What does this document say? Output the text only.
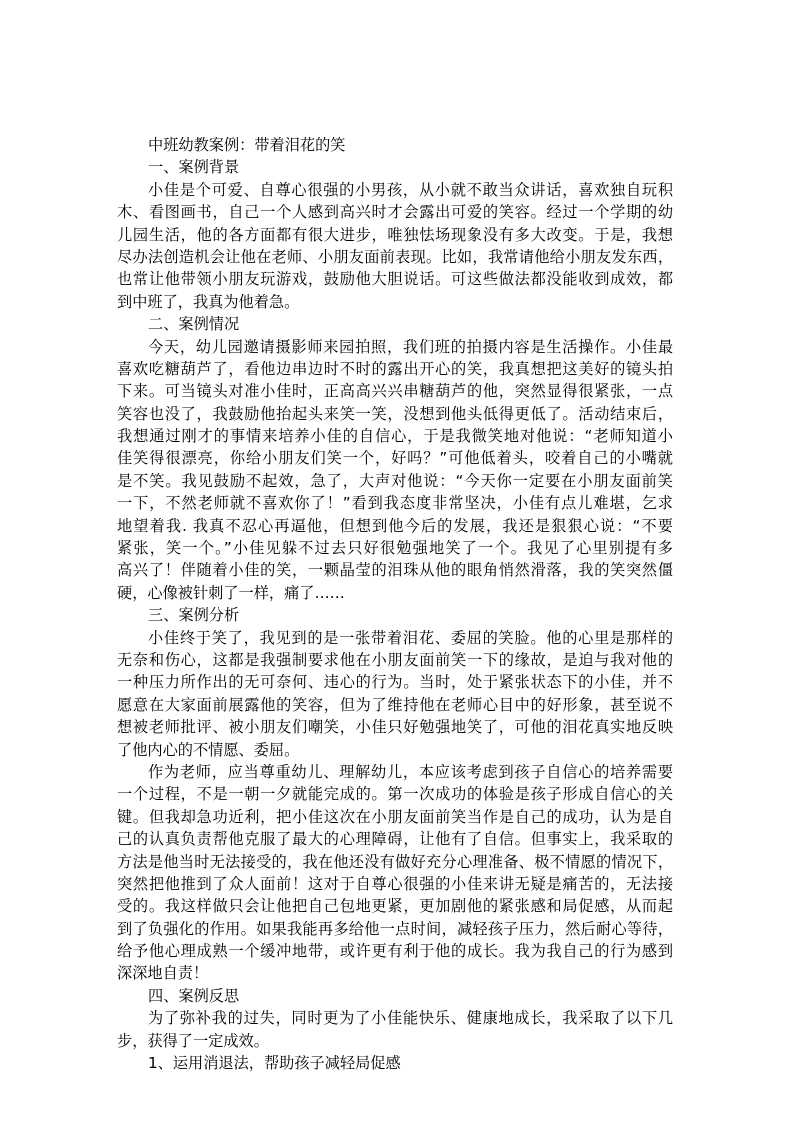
中班幼教案例：带着泪花的笑
一、案例背景
小佳是个可爱、自尊心很强的小男孩，从小就不敢当众讲话，喜欢独自玩积
木、看图画书，自己一个人感到高兴时才会露出可爱的笑容。经过一个学期的幼
儿园生活，他的各方面都有很大进步，唯独怯场现象没有多大改变。于是，我想
尽办法创造机会让他在老师、小朋友面前表现。比如，我常请他给小朋友发东西，
也常让他带领小朋友玩游戏，鼓励他大胆说话。可这些做法都没能收到成效，都
到中班了，我真为他着急。
二、案例情况
今天，幼儿园邀请摄影师来园拍照，我们班的拍摄内容是生活操作。小佳最
喜欢吃糖葫芦了，看他边串边时不时的露出开心的笑，我真想把这美好的镜头拍
下来。可当镜头对准小佳时，正高高兴兴串糖葫芦的他，突然显得很紧张，一点
笑容也没了，我鼓励他抬起头来笑一笑，没想到他头低得更低了。活动结束后，
我想通过刚才的事情来培养小佳的自信心，于是我微笑地对他说：“老师知道小
佳笑得很漂亮，你给小朋友们笑一个，好吗？”可他低着头，咬着自己的小嘴就
是不笑。我见鼓励不起效，急了，大声对他说：“今天你一定要在小朋友面前笑
一下，不然老师就不喜欢你了！”看到我态度非常坚决，小佳有点儿难堪，乞求
地望着我. 我真不忍心再逼他，但想到他今后的发展，我还是狠狠心说：“不要
紧张，笑一个。”小佳见躲不过去只好很勉强地笑了一个。我见了心里别提有多
高兴了！伴随着小佳的笑，一颗晶莹的泪珠从他的眼角悄然滑落，我的笑突然僵
硬，心像被针刺了一样，痛了……
三、案例分析
小佳终于笑了，我见到的是一张带着泪花、委屈的笑脸。他的心里是那样的
无奈和伤心，这都是我强制要求他在小朋友面前笑一下的缘故，是迫与我对他的
一种压力所作出的无可奈何、违心的行为。当时，处于紧张状态下的小佳，并不
愿意在大家面前展露他的笑容，但为了维持他在老师心目中的好形象，甚至说不
想被老师批评、被小朋友们嘲笑，小佳只好勉强地笑了，可他的泪花真实地反映
了他内心的不情愿、委屈。
作为老师，应当尊重幼儿、理解幼儿，本应该考虑到孩子自信心的培养需要
一个过程，不是一朝一夕就能完成的。第一次成功的体验是孩子形成自信心的关
键。但我却急功近利，把小佳这次在小朋友面前笑当作是自己的成功，认为是自
己的认真负责帮他克服了最大的心理障碍，让他有了自信。但事实上，我采取的
方法是他当时无法接受的，我在他还没有做好充分心理准备、极不情愿的情况下，
突然把他推到了众人面前！这对于自尊心很强的小佳来讲无疑是痛苦的，无法接
受的。我这样做只会让他把自己包地更紧，更加剧他的紧张感和局促感，从而起
到了负强化的作用。如果我能再多给他一点时间，减轻孩子压力，然后耐心等待，
给予他心理成熟一个缓冲地带，或许更有利于他的成长。我为我自己的行为感到
深深地自责！
四、案例反思
为了弥补我的过失，同时更为了小佳能快乐、健康地成长，我采取了以下几
步，获得了一定成效。
1、运用消退法，帮助孩子减轻局促感
